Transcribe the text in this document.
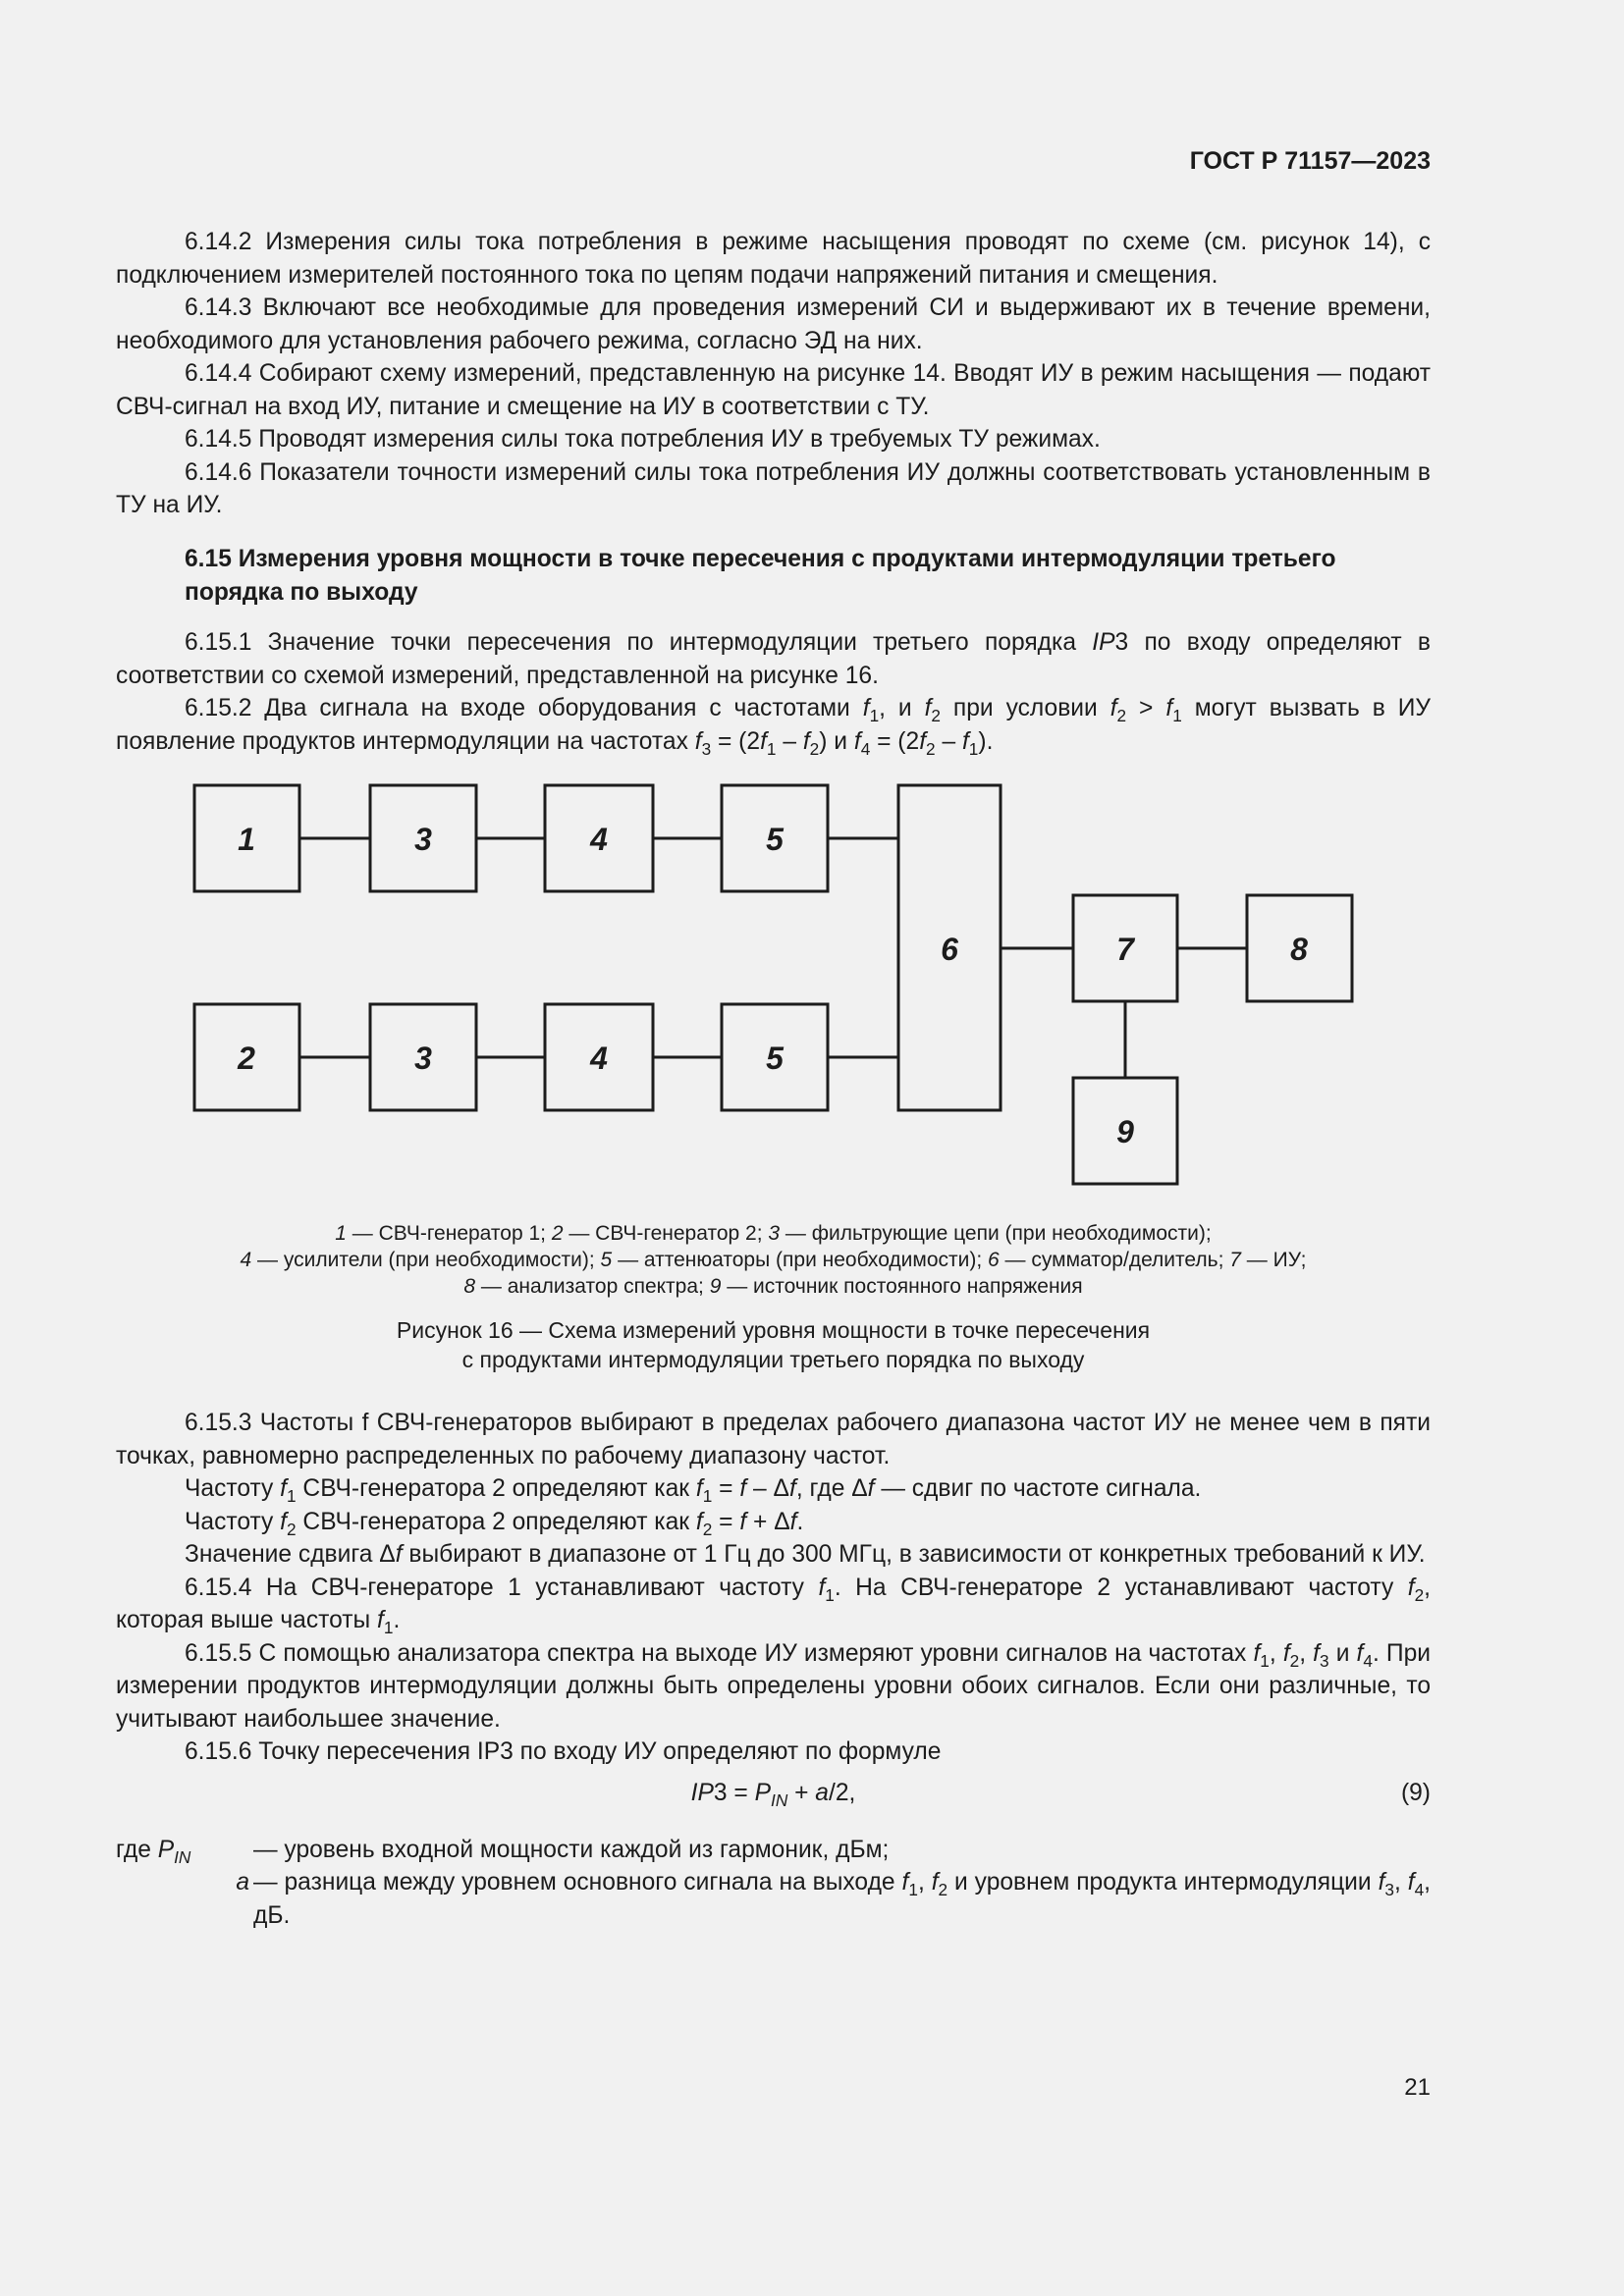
ГОСТ Р 71157—2023

6.14.2 Измерения силы тока потребления в режиме насыщения проводят по схеме (см. рисунок 14), с подключением измерителей постоянного тока по цепям подачи напряжений питания и смещения.

6.14.3 Включают все необходимые для проведения измерений СИ и выдерживают их в течение времени, необходимого для установления рабочего режима, согласно ЭД на них.

6.14.4 Собирают схему измерений, представленную на рисунке 14. Вводят ИУ в режим насыщения — подают СВЧ-сигнал на вход ИУ, питание и смещение на ИУ в соответствии с ТУ.

6.14.5 Проводят измерения силы тока потребления ИУ в требуемых ТУ режимах.

6.14.6 Показатели точности измерений силы тока потребления ИУ должны соответствовать установленным в ТУ на ИУ.

6.15 Измерения уровня мощности в точке пересечения с продуктами интермодуляции третьего порядка по выходу

6.15.1 Значение точки пересечения по интермодуляции третьего порядка IP3 по входу определяют в соответствии со схемой измерений, представленной на рисунке 16.

6.15.2 Два сигнала на входе оборудования с частотами $f_1$, и $f_2$ при условии $f_2 > f_1$ могут вызвать в ИУ появление продуктов интермодуляции на частотах $f_3 = (2f_1 - f_2)$ и $f_4 = (2f_2 - f_1)$.

1	3	4	5
2	3	4	5
6	7	8
9
1 — СВЧ-генератор 1; 2 — СВЧ-генератор 2; 3 — фильтрующие цепи (при необходимости);
4 — усилители (при необходимости); 5 — аттенюаторы (при необходимости); 6 — сумматор/делитель; 7 — ИУ;
8 — анализатор спектра; 9 — источник постоянного напряжения
Рисунок 16 — Схема измерений уровня мощности в точке пересечения
с продуктами интермодуляции третьего порядка по выходу

6.15.3 Частоты f СВЧ-генераторов выбирают в пределах рабочего диапазона частот ИУ не менее чем в пяти точках, равномерно распределенных по рабочему диапазону частот.

Частоту $f_1$ СВЧ-генератора 2 определяют как $f_1 = f - \Delta f$, где Δf — сдвиг по частоте сигнала.

Частоту $f_2$ СВЧ-генератора 2 определяют как $f_2 = f + \Delta f$.

Значение сдвига Δf выбирают в диапазоне от 1 Гц до 300 МГц, в зависимости от конкретных требований к ИУ.

6.15.4 На СВЧ-генераторе 1 устанавливают частоту $f_1$. На СВЧ-генераторе 2 устанавливают частоту $f_2$, которая выше частоты $f_1$.

6.15.5 С помощью анализатора спектра на выходе ИУ измеряют уровни сигналов на частотах $f_1$, $f_2$, $f_3$ и $f_4$. При измерении продуктов интермодуляции должны быть определены уровни обоих сигналов. Если они различные, то учитывают наибольшее значение.

6.15.6 Точку пересечения IP3 по входу ИУ определяют по формуле

$IP3 = P_{IN} + a/2$,	(9)
где $P_{IN}$	— уровень входной мощности каждой из гармоник, дБм;
a — разница между уровнем основного сигнала на выходе $f_1$, $f_2$ и уровнем продукта интермодуляции $f_3$, $f_4$, дБ.
21
